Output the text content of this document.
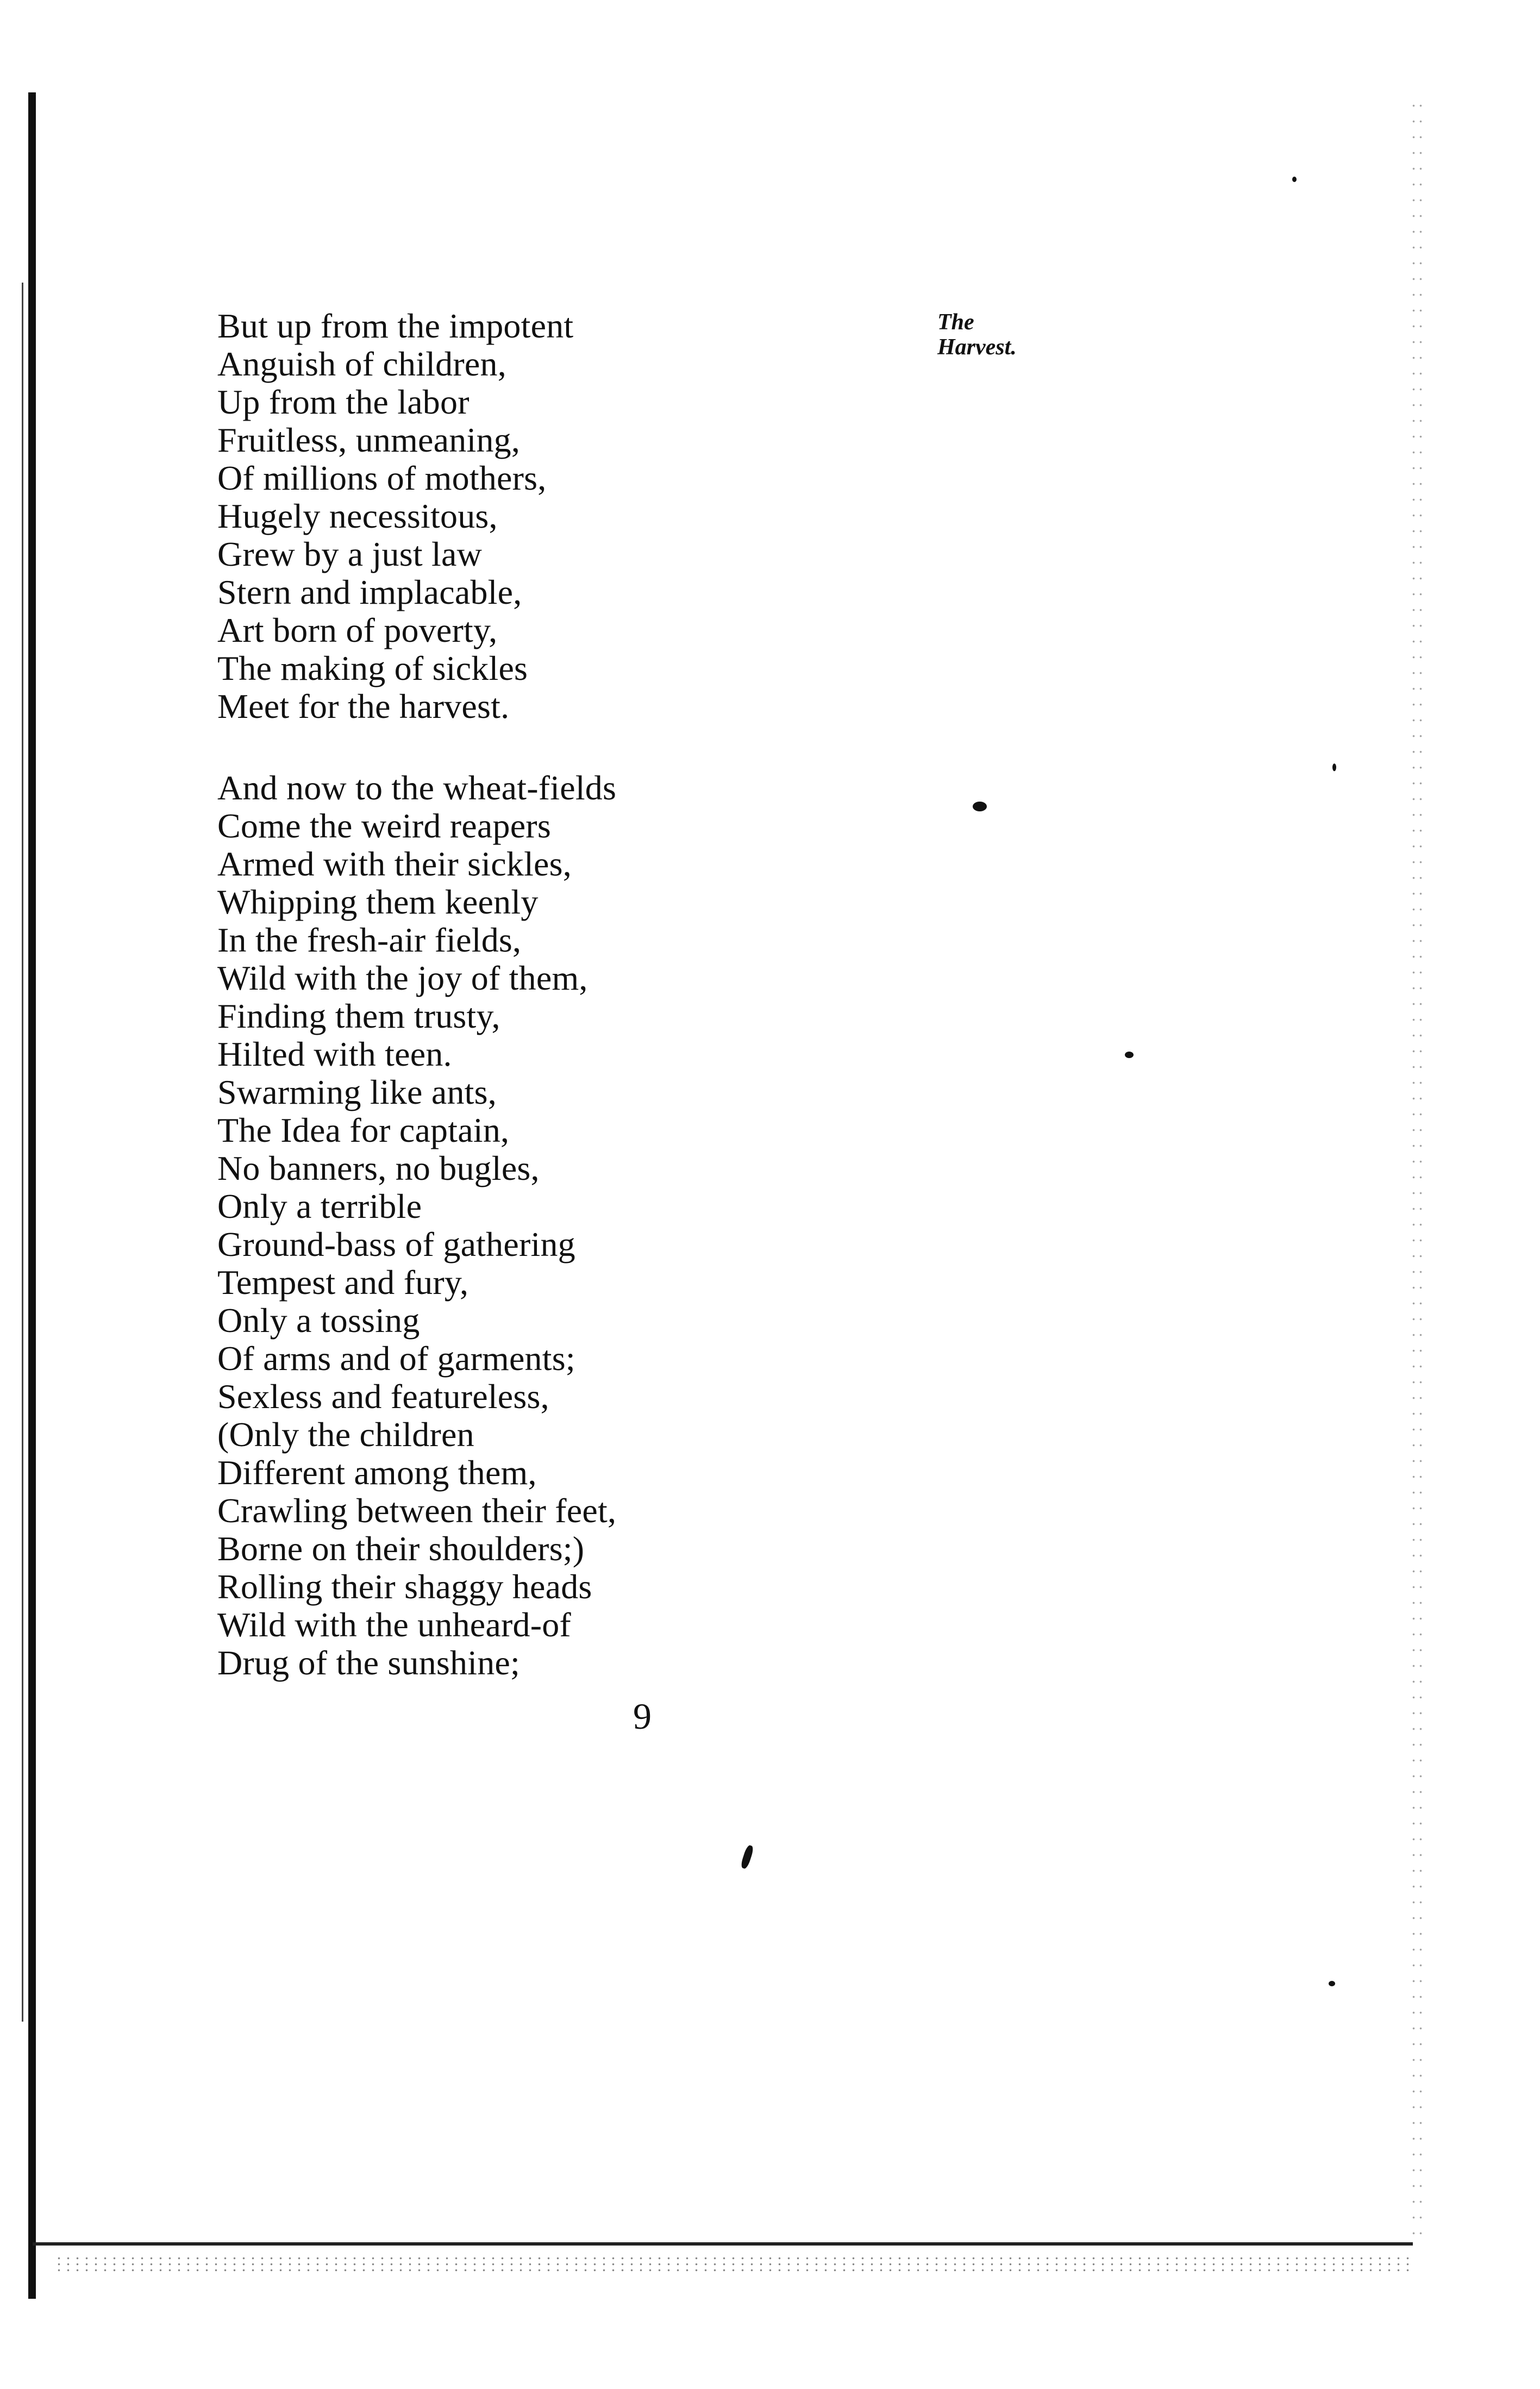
The
Harvest.
But up from the impotent
Anguish of children,
Up from the labor
Fruitless, unmeaning,
Of millions of mothers,
Hugely necessitous,
Grew by a just law
Stern and implacable,
Art born of poverty,
The making of sickles
Meet for the harvest.
And now to the wheat-fields
Come the weird reapers
Armed with their sickles,
Whipping them keenly
In the fresh-air fields,
Wild with the joy of them,
Finding them trusty,
Hilted with teen.
Swarming like ants,
The Idea for captain,
No banners, no bugles,
Only a terrible
Ground-bass of gathering
Tempest and fury,
Only a tossing
Of arms and of garments;
Sexless and featureless,
(Only the children
Different among them,
Crawling between their feet,
Borne on their shoulders;)
Rolling their shaggy heads
Wild with the unheard-of
Drug of the sunshine;
9
